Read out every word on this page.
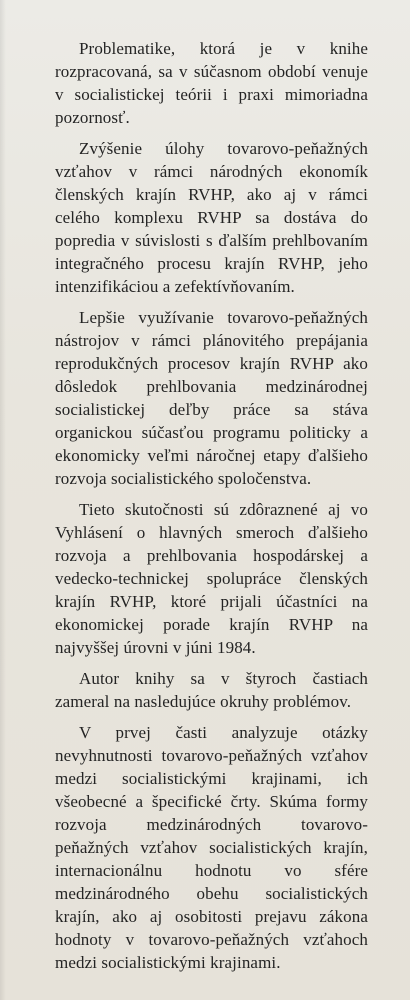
Problematike, ktorá je v knihe rozpracovaná, sa v súčasnom období venuje v socialistickej teórii i praxi mimoriadna pozornosť.

Zvýšenie úlohy tovarovo-peňažných vzťahov v rámci národných ekonomík členských krajín RVHP, ako aj v rámci celého komplexu RVHP sa dostáva do popredia v súvislosti s ďalším prehlbovaním integračného procesu krajín RVHP, jeho intenzifikáciou a zefektívňovaním.

Lepšie využívanie tovarovo-peňažných nástrojov v rámci plánovitého prepájania reprodukčných procesov krajín RVHP ako dôsledok prehlbovania medzinárodnej socialistickej deľby práce sa stáva organickou súčasťou programu politicky a ekonomicky veľmi náročnej etapy ďalšieho rozvoja socialistického spoločenstva.

Tieto skutočnosti sú zdôraznené aj vo Vyhlásení o hlavných smeroch ďalšieho rozvoja a prehlbovania hospodárskej a vedecko-technickej spolupráce členských krajín RVHP, ktoré prijali účastníci na ekonomickej porade krajín RVHP na najvyššej úrovni v júni 1984.

Autor knihy sa v štyroch častiach zameral na nasledujúce okruhy problémov.

V prvej časti analyzuje otázky nevyhnutnosti tovarovo-peňažných vzťahov medzi socialistickými krajinami, ich všeobecné a špecifické črty. Skúma formy rozvoja medzinárodných tovarovo-peňažných vzťahov socialistických krajín, internacionálnu hodnotu vo sfére medzinárodného obehu socialistických krajín, ako aj osobitosti prejavu zákona hodnoty v tovarovo-peňažných vzťahoch medzi socialistickými krajinami.
